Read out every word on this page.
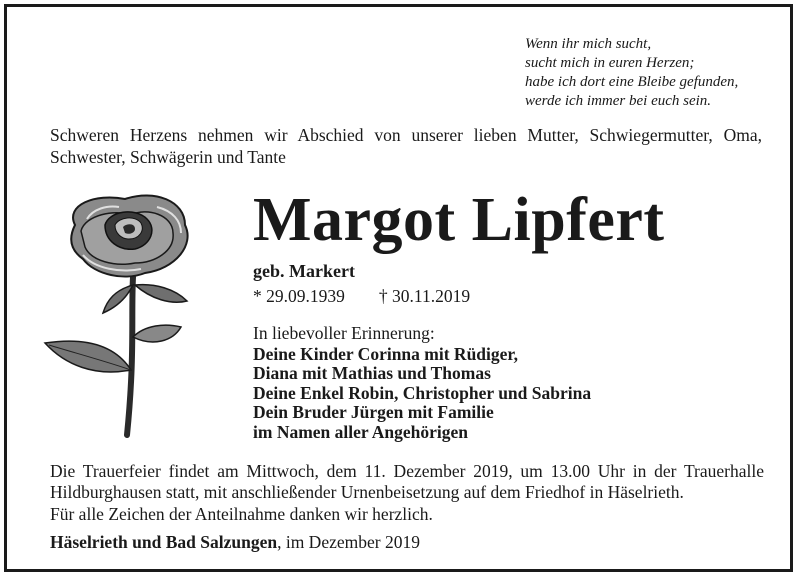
Wenn ihr mich sucht,
sucht mich in euren Herzen;
habe ich dort eine Bleibe gefunden,
werde ich immer bei euch sein.
Schweren Herzens nehmen wir Abschied von unserer lieben Mutter, Schwiegermutter, Oma,
Schwester, Schwägerin und Tante
Margot Lipfert
geb. Markert
* 29.09.1939 † 30.11.2019
In liebevoller Erinnerung:
Deine Kinder Corinna mit Rüdiger,
Diana mit Mathias und Thomas
Deine Enkel Robin, Christopher und Sabrina
Dein Bruder Jürgen mit Familie
im Namen aller Angehörigen
Die Trauerfeier findet am Mittwoch, dem 11. Dezember 2019, um 13.00 Uhr in der Trauerhalle
Hildburghausen statt, mit anschließender Urnenbeisetzung auf dem Friedhof in Häselrieth.
Für alle Zeichen der Anteilnahme danken wir herzlich.
Häselrieth und Bad Salzungen, im Dezember 2019
